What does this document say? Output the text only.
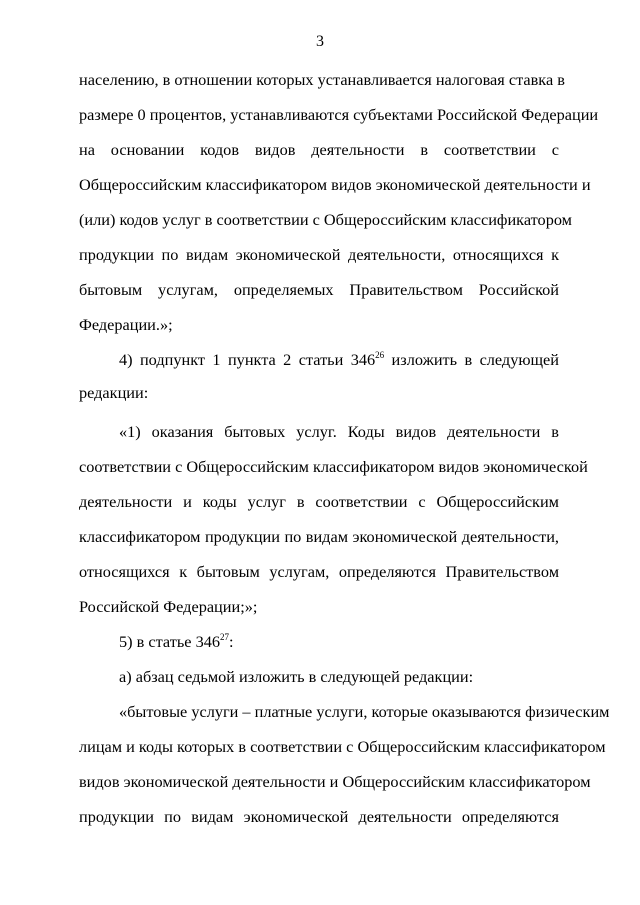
3
населению, в отношении которых устанавливается налоговая ставка в
размере 0 процентов, устанавливаются субъектами Российской Федерации
на основании кодов видов деятельности в соответствии с
Общероссийским классификатором видов экономической деятельности и
(или) кодов услуг в соответствии с Общероссийским классификатором
продукции по видам экономической деятельности, относящихся к
бытовым услугам, определяемых Правительством Российской
Федерации.»;
4) подпункт 1 пункта 2 статьи $346^{26}$ изложить в следующей
редакции:
«1) оказания бытовых услуг. Коды видов деятельности в
соответствии с Общероссийским классификатором видов экономической
деятельности и коды услуг в соответствии с Общероссийским
классификатором продукции по видам экономической деятельности,
относящихся к бытовым услугам, определяются Правительством
Российской Федерации;»;
5) в статье $346^{27}$:
а) абзац седьмой изложить в следующей редакции:
«бытовые услуги – платные услуги, которые оказываются физическим
лицам и коды которых в соответствии с Общероссийским классификатором
видов экономической деятельности и Общероссийским классификатором
продукции по видам экономической деятельности определяются
